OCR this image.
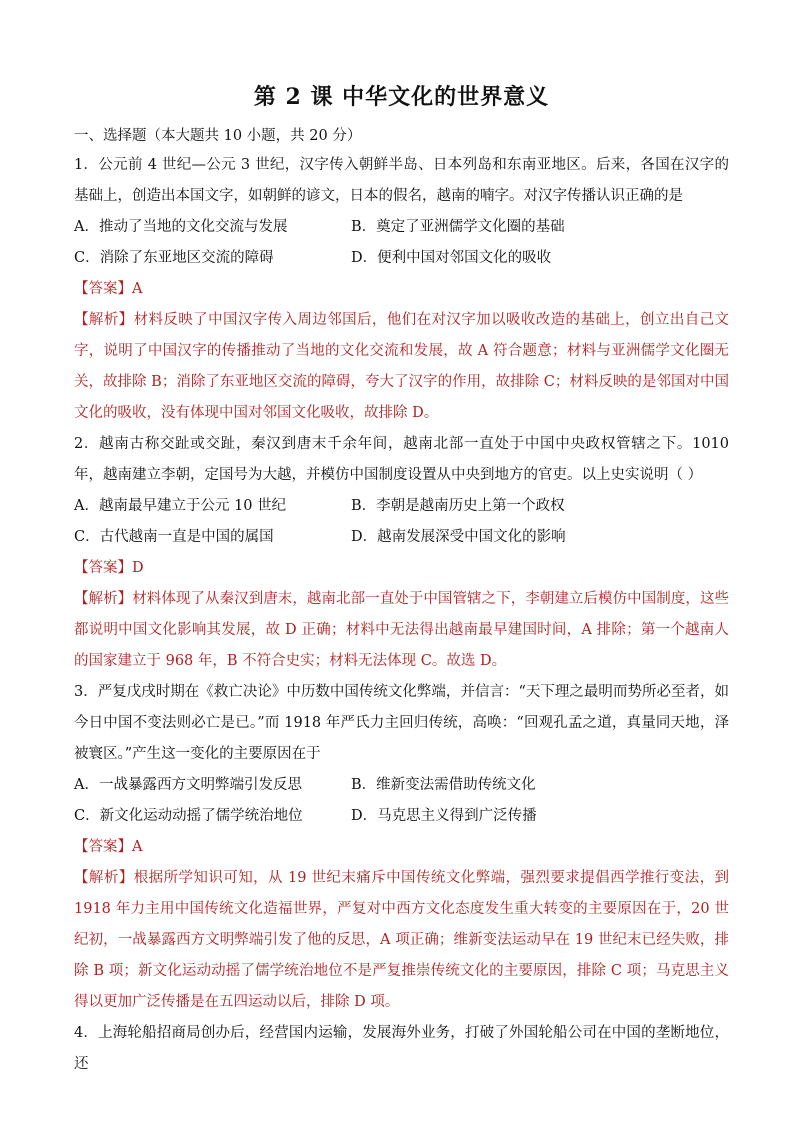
第 2 课 中华文化的世界意义

一、选择题（本大题共 10 小题，共 20 分）

1．公元前 4 世纪—公元 3 世纪，汉字传入朝鲜半岛、日本列岛和东南亚地区。后来，各国在汉字的基础上，创造出本国文字，如朝鲜的谚文，日本的假名，越南的喃字。对汉字传播认识正确的是

A．推动了当地的文化交流与发展	B．奠定了亚洲儒学文化圈的基础
C．消除了东亚地区交流的障碍	D．便利中国对邻国文化的吸收

【答案】A

【解析】材料反映了中国汉字传入周边邻国后，他们在对汉字加以吸收改造的基础上，创立出自己文字，说明了中国汉字的传播推动了当地的文化交流和发展，故 A 符合题意；材料与亚洲儒学文化圈无关，故排除 B；消除了东亚地区交流的障碍，夸大了汉字的作用，故排除 C；材料反映的是邻国对中国文化的吸收，没有体现中国对邻国文化吸收，故排除 D。

2．越南古称交趾或交趾，秦汉到唐末千余年间，越南北部一直处于中国中央政权管辖之下。1010 年，越南建立李朝，定国号为大越，并模仿中国制度设置从中央到地方的官吏。以上史实说明（ ）

A．越南最早建立于公元 10 世纪	B．李朝是越南历史上第一个政权
C．古代越南一直是中国的属国	D．越南发展深受中国文化的影响

【答案】D

【解析】材料体现了从秦汉到唐末，越南北部一直处于中国管辖之下，李朝建立后模仿中国制度，这些都说明中国文化影响其发展，故 D 正确；材料中无法得出越南最早建国时间，A 排除；第一个越南人的国家建立于 968 年，B 不符合史实；材料无法体现 C。故选 D。

3．严复戊戌时期在《救亡决论》中历数中国传统文化弊端，并信言：“天下理之最明而势所必至者，如今日中国不变法则必亡是已。”而 1918 年严氏力主回归传统，高唤：“回观孔孟之道，真量同天地，泽被寰区。”产生这一变化的主要原因在于

A．一战暴露西方文明弊端引发反思	B．维新变法需借助传统文化
C．新文化运动动摇了儒学统治地位	D．马克思主义得到广泛传播

【答案】A

【解析】根据所学知识可知，从 19 世纪末痛斥中国传统文化弊端，强烈要求提倡西学推行变法，到 1918 年力主用中国传统文化造福世界，严复对中西方文化态度发生重大转变的主要原因在于，20 世纪初，一战暴露西方文明弊端引发了他的反思，A 项正确；维新变法运动早在 19 世纪末已经失败，排除 B 项；新文化运动动摇了儒学统治地位不是严复推崇传统文化的主要原因，排除 C 项；马克思主义得以更加广泛传播是在五四运动以后，排除 D 项。

4．上海轮船招商局创办后，经营国内运输，发展海外业务，打破了外国轮船公司在中国的垄断地位，还
